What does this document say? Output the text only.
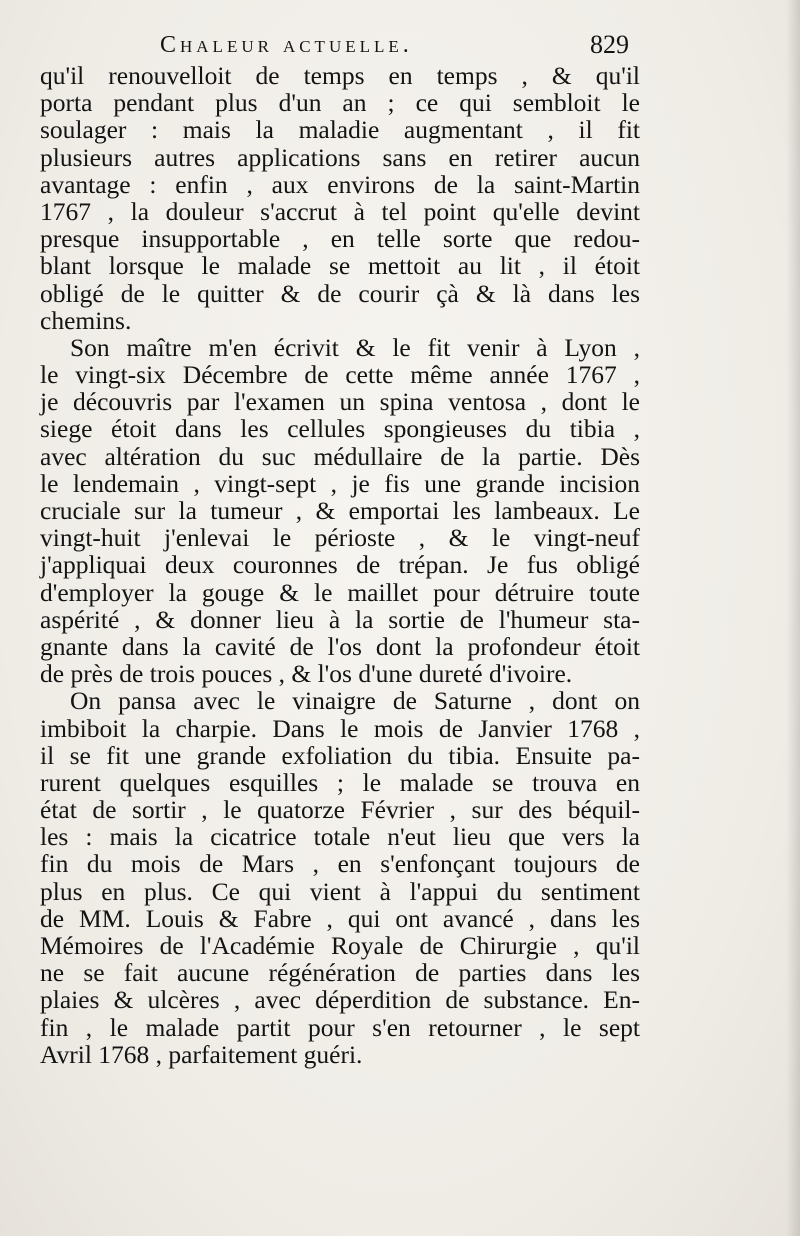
Chaleur actuelle.	829
qu'il renouvelloit de temps en temps , & qu'il
porta pendant plus d'un an ; ce qui sembloit le
soulager : mais la maladie augmentant , il fit
plusieurs autres applications sans en retirer aucun
avantage : enfin , aux environs de la saint-Martin
1767 , la douleur s'accrut à tel point qu'elle devint
presque insupportable , en telle sorte que redou-
blant lorsque le malade se mettoit au lit , il étoit
obligé de le quitter & de courir çà & là dans les
chemins.
Son maître m'en écrivit & le fit venir à Lyon ,
le vingt-six Décembre de cette même année 1767 ,
je découvris par l'examen un spina ventosa , dont le
siege étoit dans les cellules spongieuses du tibia ,
avec altération du suc médullaire de la partie. Dès
le lendemain , vingt-sept , je fis une grande incision
cruciale sur la tumeur , & emportai les lambeaux. Le
vingt-huit j'enlevai le périoste , & le vingt-neuf
j'appliquai deux couronnes de trépan. Je fus obligé
d'employer la gouge & le maillet pour détruire toute
aspérité , & donner lieu à la sortie de l'humeur sta-
gnante dans la cavité de l'os dont la profondeur étoit
de près de trois pouces , & l'os d'une dureté d'ivoire.
On pansa avec le vinaigre de Saturne , dont on
imbiboit la charpie. Dans le mois de Janvier 1768 ,
il se fit une grande exfoliation du tibia. Ensuite pa-
rurent quelques esquilles ; le malade se trouva en
état de sortir , le quatorze Février , sur des béquil-
les : mais la cicatrice totale n'eut lieu que vers la
fin du mois de Mars , en s'enfonçant toujours de
plus en plus. Ce qui vient à l'appui du sentiment
de MM. Louis & Fabre , qui ont avancé , dans les
Mémoires de l'Académie Royale de Chirurgie , qu'il
ne se fait aucune régénération de parties dans les
plaies & ulcères , avec déperdition de substance. En-
fin , le malade partit pour s'en retourner , le sept
Avril 1768 , parfaitement guéri.
